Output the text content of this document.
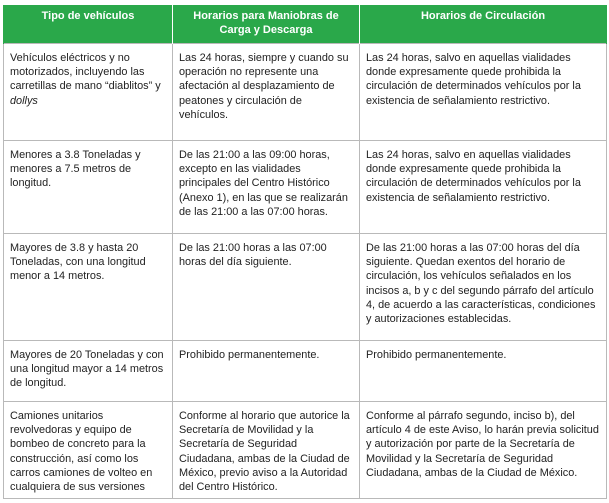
Tipo de vehículos	Horarios para Maniobras de Carga y Descarga	Horarios de Circulación
Vehículos eléctricos y no motorizados, incluyendo las carretillas de mano “diablitos” y dollys	Las 24 horas, siempre y cuando su operación no represente una afectación al desplazamiento de peatones y circulación de vehículos.	Las 24 horas, salvo en aquellas vialidades donde expresamente quede prohibida la circulación de determinados vehículos por la existencia de señalamiento restrictivo.
Menores a 3.8 Toneladas y menores a 7.5 metros de longitud.	De las 21:00 a las 09:00 horas, excepto en las vialidades principales del Centro Histórico (Anexo 1), en las que se realizarán de las 21:00 a las 07:00 horas.	Las 24 horas, salvo en aquellas vialidades donde expresamente quede prohibida la circulación de determinados vehículos por la existencia de señalamiento restrictivo.
Mayores de 3.8 y hasta 20 Toneladas, con una longitud menor a 14 metros.	De las 21:00 horas a las 07:00 horas del día siguiente.	De las 21:00 horas a las 07:00 horas del día siguiente. Quedan exentos del horario de circulación, los vehículos señalados en los incisos a, b y c del segundo párrafo del artículo 4, de acuerdo a las características, condiciones y autorizaciones establecidas.
Mayores de 20 Toneladas y con una longitud mayor a 14 metros de longitud.	Prohibido permanentemente.	Prohibido permanentemente.
Camiones unitarios revolvedoras y equipo de bombeo de concreto para la construcción, así como los carros camiones de volteo en cualquiera de sus versiones	Conforme al horario que autorice la Secretaría de Movilidad y la Secretaría de Seguridad Ciudadana, ambas de la Ciudad de México, previo aviso a la Autoridad del Centro Histórico.	Conforme al párrafo segundo, inciso b), del artículo 4 de este Aviso, lo harán previa solicitud y autorización por parte de la Secretaría de Movilidad y la Secretaría de Seguridad Ciudadana, ambas de la Ciudad de México.
